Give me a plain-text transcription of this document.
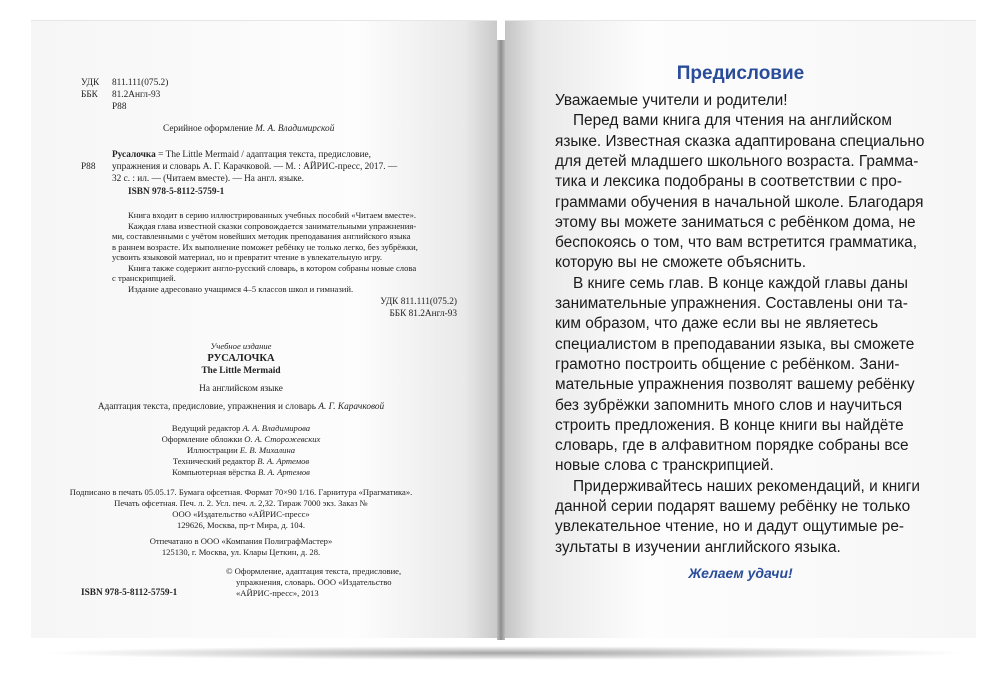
УДК 811.111(075.2)

ББК 81.2Англ-93

Р88

Серийное оформление М. А. Владимирской

Русалочка = The Little Mermaid / адаптация текста, предисловие,

Р88 упражнения и словарь А. Г. Карачковой. — М. : АЙРИС-пресс, 2017. —

32 с. : ил. — (Читаем вместе). — На англ. языке.

ISBN 978-5-8112-5759-1

Книга входит в серию иллюстрированных учебных пособий «Читаем вместе».

Каждая глава известной сказки сопровождается занимательными упражнения-

ми, составленными с учётом новейших методик преподавания английского языка

в раннем возрасте. Их выполнение поможет ребёнку не только легко, без зубрёжки,

усвоить языковой материал, но и превратит чтение в увлекательную игру.

Книга также содержит англо-русский словарь, в котором собраны новые слова

с транскрипцией.

Издание адресовано учащимся 4–5 классов школ и гимназий.

УДК 811.111(075.2)

ББК 81.2Англ-93

Учебное издание

РУСАЛОЧКА

The Little Mermaid

На английском языке

Адаптация текста, предисловие, упражнения и словарь А. Г. Карачковой

Ведущий редактор А. А. Владимирова

Оформление обложки О. А. Сторожевских

Иллюстрации Е. В. Михалина

Технический редактор В. А. Артемов

Компьютерная вёрстка В. А. Артемов

Подписано в печать 05.05.17. Бумага офсетная. Формат 70×90 1/16. Гарнитура «Прагматика».

Печать офсетная. Печ. л. 2. Усл. печ. л. 2,32. Тираж 7000 экз. Заказ №

ООО «Издательство «АЙРИС-пресс»

129626, Москва, пр-т Мира, д. 104.

Отпечатано в ООО «Компания ПолиграфМастер»

125130, г. Москва, ул. Клары Цеткин, д. 28.

© Оформление, адаптация текста, предисловие,

упражнения, словарь. ООО «Издательство

«АЙРИС-пресс», 2013

ISBN 978-5-8112-5759-1

Предисловие

Уважаемые учители и родители!

Перед вами книга для чтения на английском

языке. Известная сказка адаптирована специально

для детей младшего школьного возраста. Граммa-

тика и лексика подобраны в соответствии с про-

граммами обучения в начальной школе. Благодаря

этому вы можете заниматься с ребёнком дома, не

беспокоясь о том, что вам встретится грамматика,

которую вы не сможете объяснить.

В книге семь глав. В конце каждой главы даны

занимательные упражнения. Составлены они та-

ким образом, что даже если вы не являетесь

специалистом в преподавании языка, вы сможете

грамотно построить общение с ребёнком. Зани-

мательные упражнения позволят вашему ребёнку

без зубрёжки запомнить много слов и научиться

строить предложения. В конце книги вы найдёте

словарь, где в алфавитном порядке собраны все

новые слова с транскрипцией.

Придерживайтесь наших рекомендаций, и книги

данной серии подарят вашему ребёнку не только

увлекательное чтение, но и дадут ощутимые ре-

зультаты в изучении английского языка.

Желаем удачи!
